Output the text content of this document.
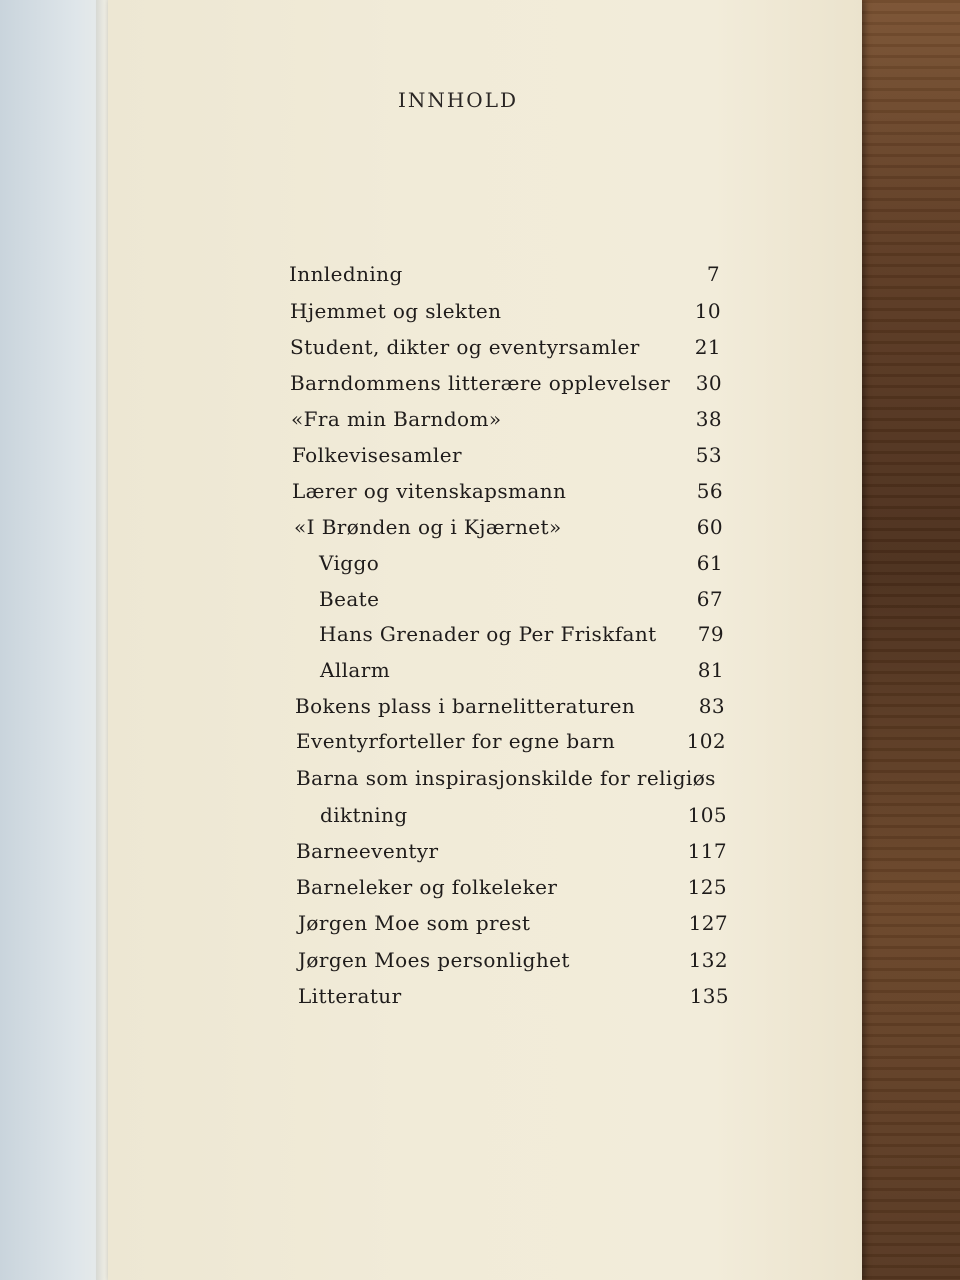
INNHOLD
Innledning	7
Hjemmet og slekten	10
Student, dikter og eventyrsamler	21
Barndommens litterære opplevelser	30
«Fra min Barndom»	38
Folkevisesamler	53
Lærer og vitenskapsmann	56
«I Brønden og i Kjærnet»	60
Viggo	61
Beate	67
Hans Grenader og Per Friskfant	79
Allarm	81
Bokens plass i barnelitteraturen	83
Eventyrforteller for egne barn	102
Barna som inspirasjonskilde for religiøs
diktning	105
Barneeventyr	117
Barneleker og folkeleker	125
Jørgen Moe som prest	127
Jørgen Moes personlighet	132
Litteratur	135
